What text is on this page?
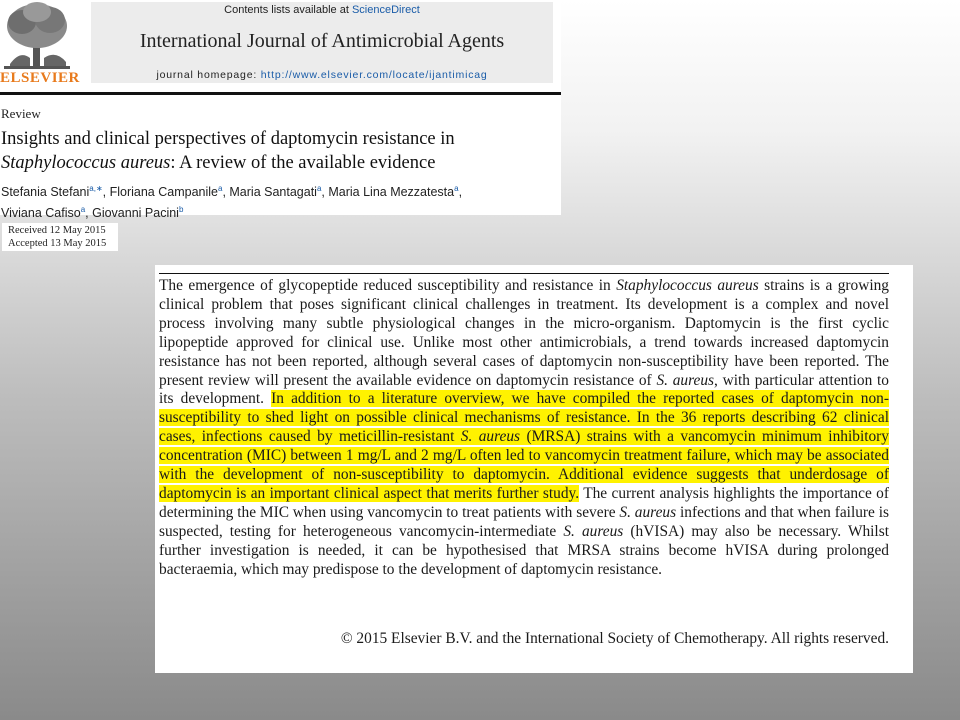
ELSEVIER
Contents lists available at ScienceDirect
International Journal of Antimicrobial Agents
journal homepage: http://www.elsevier.com/locate/ijantimicag
Review
Insights and clinical perspectives of daptomycin resistance in
Staphylococcus aureus: A review of the available evidence
Stefania Stefani$^{a,∗}$, Floriana Campanile$^a$, Maria Santagati$^a$, Maria Lina Mezzatesta$^a$,
Viviana Cafiso$^a$, Giovanni Pacini$^b$
Received 12 May 2015
Accepted 13 May 2015
The emergence of glycopeptide reduced susceptibility and resistance in Staphylococcus aureus strains is a growing clinical problem that poses significant clinical challenges in treatment. Its development is a complex and novel process involving many subtle physiological changes in the micro-organism. Daptomycin is the first cyclic lipopeptide approved for clinical use. Unlike most other antimicrobials, a trend towards increased daptomycin resistance has not been reported, although several cases of daptomycin non-susceptibility have been reported. The present review will present the available evidence on daptomycin resistance of S. aureus, with particular attention to its development. In addition to a literature overview, we have compiled the reported cases of daptomycin non-susceptibility to shed light on possible clinical mechanisms of resistance. In the 36 reports describing 62 clinical cases, infections caused by meticillin-resistant S. aureus (MRSA) strains with a vancomycin minimum inhibitory concentration (MIC) between 1 mg/L and 2 mg/L often led to vancomycin treatment failure, which may be associated with the development of non-susceptibility to daptomycin. Additional evidence suggests that underdosage of daptomycin is an important clinical aspect that merits further study. The current analysis highlights the importance of determining the MIC when using vancomycin to treat patients with severe S. aureus infections and that when failure is suspected, testing for heterogeneous vancomycin-intermediate S. aureus (hVISA) may also be necessary. Whilst further investigation is needed, it can be hypothesised that MRSA strains become hVISA during prolonged bacteraemia, which may predispose to the development of daptomycin resistance.
© 2015 Elsevier B.V. and the International Society of Chemotherapy. All rights reserved.
